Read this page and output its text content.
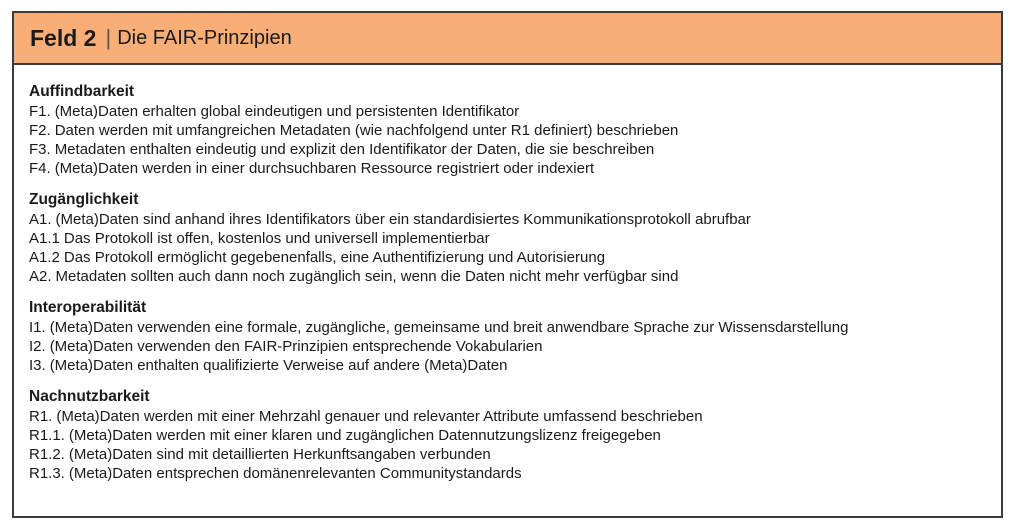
Feld 2 | Die FAIR-Prinzipien
Auffindbarkeit
F1. (Meta)Daten erhalten global eindeutigen und persistenten Identifikator
F2. Daten werden mit umfangreichen Metadaten (wie nachfolgend unter R1 definiert) beschrieben
F3. Metadaten enthalten eindeutig und explizit den Identifikator der Daten, die sie beschreiben
F4. (Meta)Daten werden in einer durchsuchbaren Ressource registriert oder indexiert
Zugänglichkeit
A1. (Meta)Daten sind anhand ihres Identifikators über ein standardisiertes Kommunikationsprotokoll abrufbar
A1.1 Das Protokoll ist offen, kostenlos und universell implementierbar
A1.2 Das Protokoll ermöglicht gegebenenfalls, eine Authentifizierung und Autorisierung
A2. Metadaten sollten auch dann noch zugänglich sein, wenn die Daten nicht mehr verfügbar sind
Interoperabilität
I1. (Meta)Daten verwenden eine formale, zugängliche, gemeinsame und breit anwendbare Sprache zur Wissensdarstellung
I2. (Meta)Daten verwenden den FAIR-Prinzipien entsprechende Vokabularien
I3. (Meta)Daten enthalten qualifizierte Verweise auf andere (Meta)Daten
Nachnutzbarkeit
R1. (Meta)Daten werden mit einer Mehrzahl genauer und relevanter Attribute umfassend beschrieben
R1.1. (Meta)Daten werden mit einer klaren und zugänglichen Datennutzungslizenz freigegeben
R1.2. (Meta)Daten sind mit detaillierten Herkunftsangaben verbunden
R1.3. (Meta)Daten entsprechen domänenrelevanten Communitystandards
